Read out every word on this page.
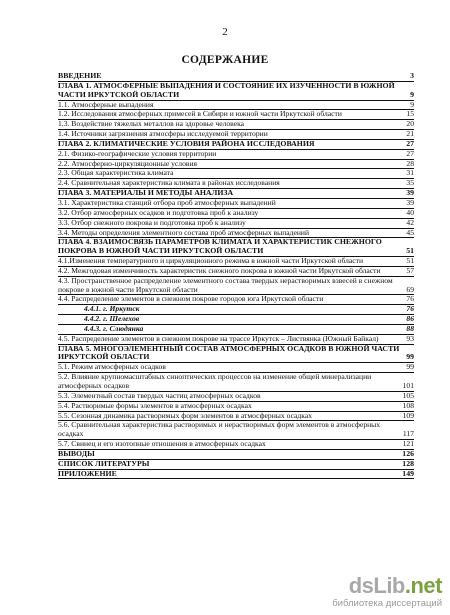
2
СОДЕРЖАНИЕ
ВВЕДЕНИЕ	3
ГЛАВА 1. АТМОСФЕРНЫЕ ВЫПАДЕНИЯ И СОСТОЯНИЕ ИХ ИЗУЧЕННОСТИ В ЮЖНОЙ ЧАСТИ ИРКУТСКОЙ ОБЛАСТИ	9
1.1. Атмосферные выпадения	9
1.2. Исследования атмосферных примесей в Сибири и южной части Иркутской области	15
1.3. Воздействие тяжелых металлов на здоровье человека	20
1.4. Источники загрязнения атмосферы исследуемой территории	21
ГЛАВА 2. КЛИМАТИЧЕСКИЕ УСЛОВИЯ РАЙОНА ИССЛЕДОВАНИЯ	27
2.1. Физико-географические условия территории	27
2.2. Атмосферно-циркуляционные условия	28
2.3. Общая характеристика климата	31
2.4. Сравнительная характеристика климата в районах исследования	35
ГЛАВА 3. МАТЕРИАЛЫ И МЕТОДЫ АНАЛИЗА	39
3.1. Характеристика станций отбора проб атмосферных выпадений	39
3.2. Отбор атмосферных осадков и подготовка проб к анализу	40
3.3. Отбор снежного покрова и подготовка проб к анализу	42
3.4. Методы определения элементного состава проб атмосферных выпадений	45
ГЛАВА 4. ВЗАИМОСВЯЗЬ ПАРАМЕТРОВ КЛИМАТА И ХАРАКТЕРИСТИК СНЕЖНОГО ПОКРОВА В ЮЖНОЙ ЧАСТИ ИРКУТСКОЙ ОБЛАСТИ	51
4.1.Изменения температурного и циркуляционного режима в южной части Иркутской области	51
4.2. Межгодовая изменчивость характеристик снежного покрова в южной части Иркутской области	57
4.3. Пространственное распределение элементного состава твердых нерастворимых взвесей в снежном покрове в южной части Иркутской области	69
4.4. Распределение элементов в снежном покрове городов юга Иркутской области	76
4.4.1. г. Иркутск	76
4.4.2. г. Шелехов	86
4.4.3. г. Слюдянка	88
4.5. Распределение элементов в снежном покрове на трассе Иркутск – Листвянка (Южный Байкал)	93
ГЛАВА 5. МНОГОЭЛЕМЕНТНЫЙ СОСТАВ АТМОСФЕРНЫХ ОСАДКОВ В ЮЖНОЙ ЧАСТИ ИРКУТСКОЙ ОБЛАСТИ	99
5.1. Режим атмосферных осадков	99
5.2. Влияние крупномасштабных синоптических процессов на изменение общей минерализации атмосферных осадков	101
5.3. Элементный состав твердых частиц атмосферных осадков	105
5.4. Растворимые формы элементов в атмосферных осадках	108
5.5. Сезонная динамика растворимых форм элементов в атмосферных осадках	109
5.6. Сравнительная характеристика растворимых и нерастворимых форм элементов в атмосферных осадках	117
5.7. Свинец и его изотопные отношения в атмосферных осадках	121
ВЫВОДЫ	126
СПИСОК ЛИТЕРАТУРЫ	128
ПРИЛОЖЕНИЕ	149
dsLib.net
библиотека диссертаций
